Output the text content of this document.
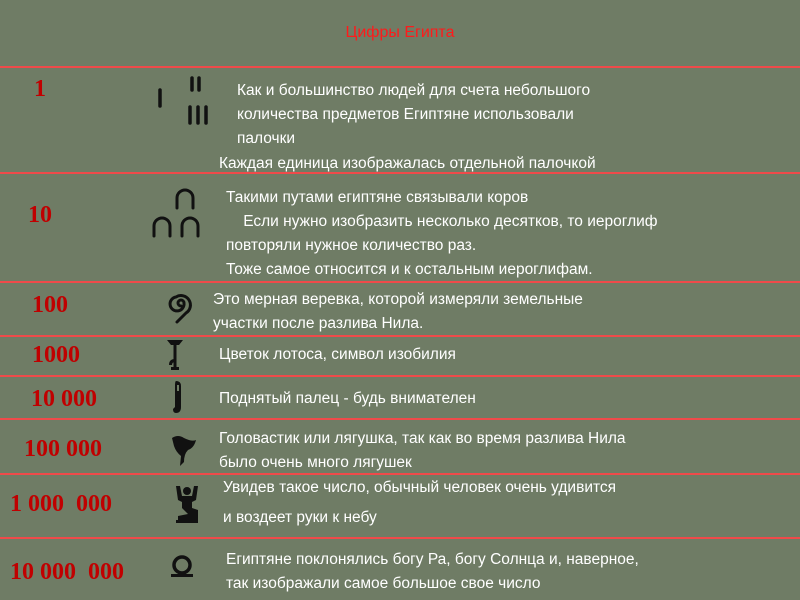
Цифры Египта
1	Как и большинство людей для счета небольшого
количества предметов Египтяне использовали
палочки
Каждая единица изображалась отдельной палочкой
10
Такими путами египтяне связывали коров
Если нужно изобразить несколько десятков, то иероглиф
повторяли нужное количество раз.
Тоже самое относится и к остальным иероглифам.
100	Это мерная веревка, которой измеряли земельные
участки после разлива Нила.
1000	Цветок лотоса, символ изобилия
10 000	Поднятый палец - будь внимателен
100 000	Головастик или лягушка, так как во время разлива Нила
было очень много лягушек
1 000  000
Увидев такое число, обычный человек очень удивится
и воздеет руки к небу
10 000  000	Египтяне поклонялись богу Ра, богу Солнца и, наверное,
так изображали самое большое свое число
